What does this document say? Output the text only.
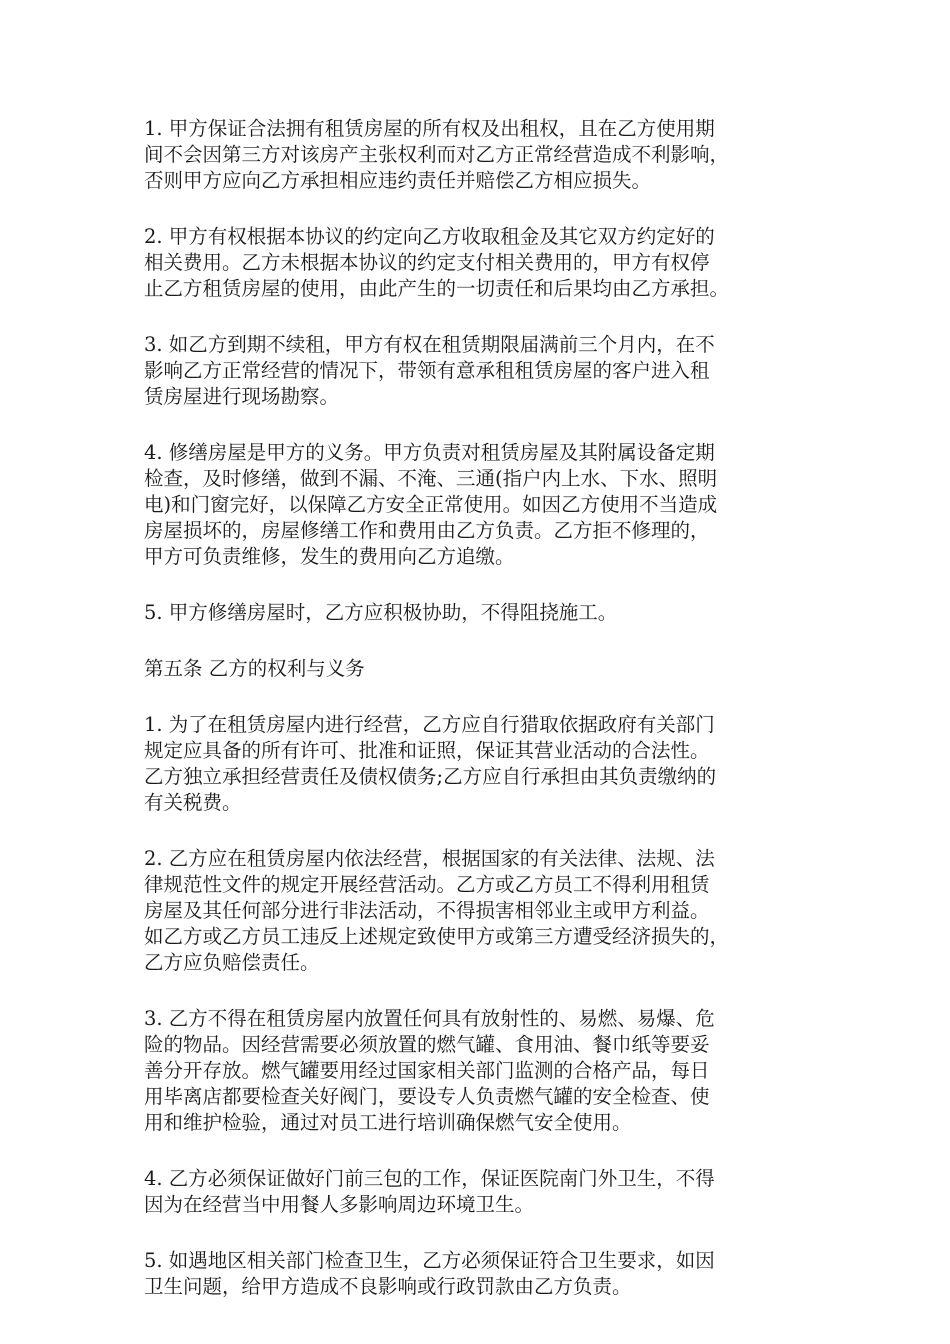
1. 甲方保证合法拥有租赁房屋的所有权及出租权，且在乙方使用期
间不会因第三方对该房产主张权利而对乙方正常经营造成不利影响，
否则甲方应向乙方承担相应违约责任并赔偿乙方相应损失。

2. 甲方有权根据本协议的约定向乙方收取租金及其它双方约定好的
相关费用。乙方未根据本协议的约定支付相关费用的，甲方有权停
止乙方租赁房屋的使用，由此产生的一切责任和后果均由乙方承担。

3. 如乙方到期不续租，甲方有权在租赁期限届满前三个月内，在不
影响乙方正常经营的情况下，带领有意承租租赁房屋的客户进入租
赁房屋进行现场勘察。

4. 修缮房屋是甲方的义务。甲方负责对租赁房屋及其附属设备定期
检查，及时修缮，做到不漏、不淹、三通(指户内上水、下水、照明
电)和门窗完好，以保障乙方安全正常使用。如因乙方使用不当造成
房屋损坏的，房屋修缮工作和费用由乙方负责。乙方拒不修理的，
甲方可负责维修，发生的费用向乙方追缴。

5. 甲方修缮房屋时，乙方应积极协助，不得阻挠施工。

第五条 乙方的权利与义务

1. 为了在租赁房屋内进行经营，乙方应自行猎取依据政府有关部门
规定应具备的所有许可、批准和证照，保证其营业活动的合法性。
乙方独立承担经营责任及债权债务;乙方应自行承担由其负责缴纳的
有关税费。

2. 乙方应在租赁房屋内依法经营，根据国家的有关法律、法规、法
律规范性文件的规定开展经营活动。乙方或乙方员工不得利用租赁
房屋及其任何部分进行非法活动，不得损害相邻业主或甲方利益。
如乙方或乙方员工违反上述规定致使甲方或第三方遭受经济损失的，
乙方应负赔偿责任。

3. 乙方不得在租赁房屋内放置任何具有放射性的、易燃、易爆、危
险的物品。因经营需要必须放置的燃气罐、食用油、餐巾纸等要妥
善分开存放。燃气罐要用经过国家相关部门监测的合格产品，每日
用毕离店都要检查关好阀门，要设专人负责燃气罐的安全检查、使
用和维护检验，通过对员工进行培训确保燃气安全使用。

4. 乙方必须保证做好门前三包的工作，保证医院南门外卫生，不得
因为在经营当中用餐人多影响周边环境卫生。

5. 如遇地区相关部门检查卫生，乙方必须保证符合卫生要求，如因
卫生问题，给甲方造成不良影响或行政罚款由乙方负责。
